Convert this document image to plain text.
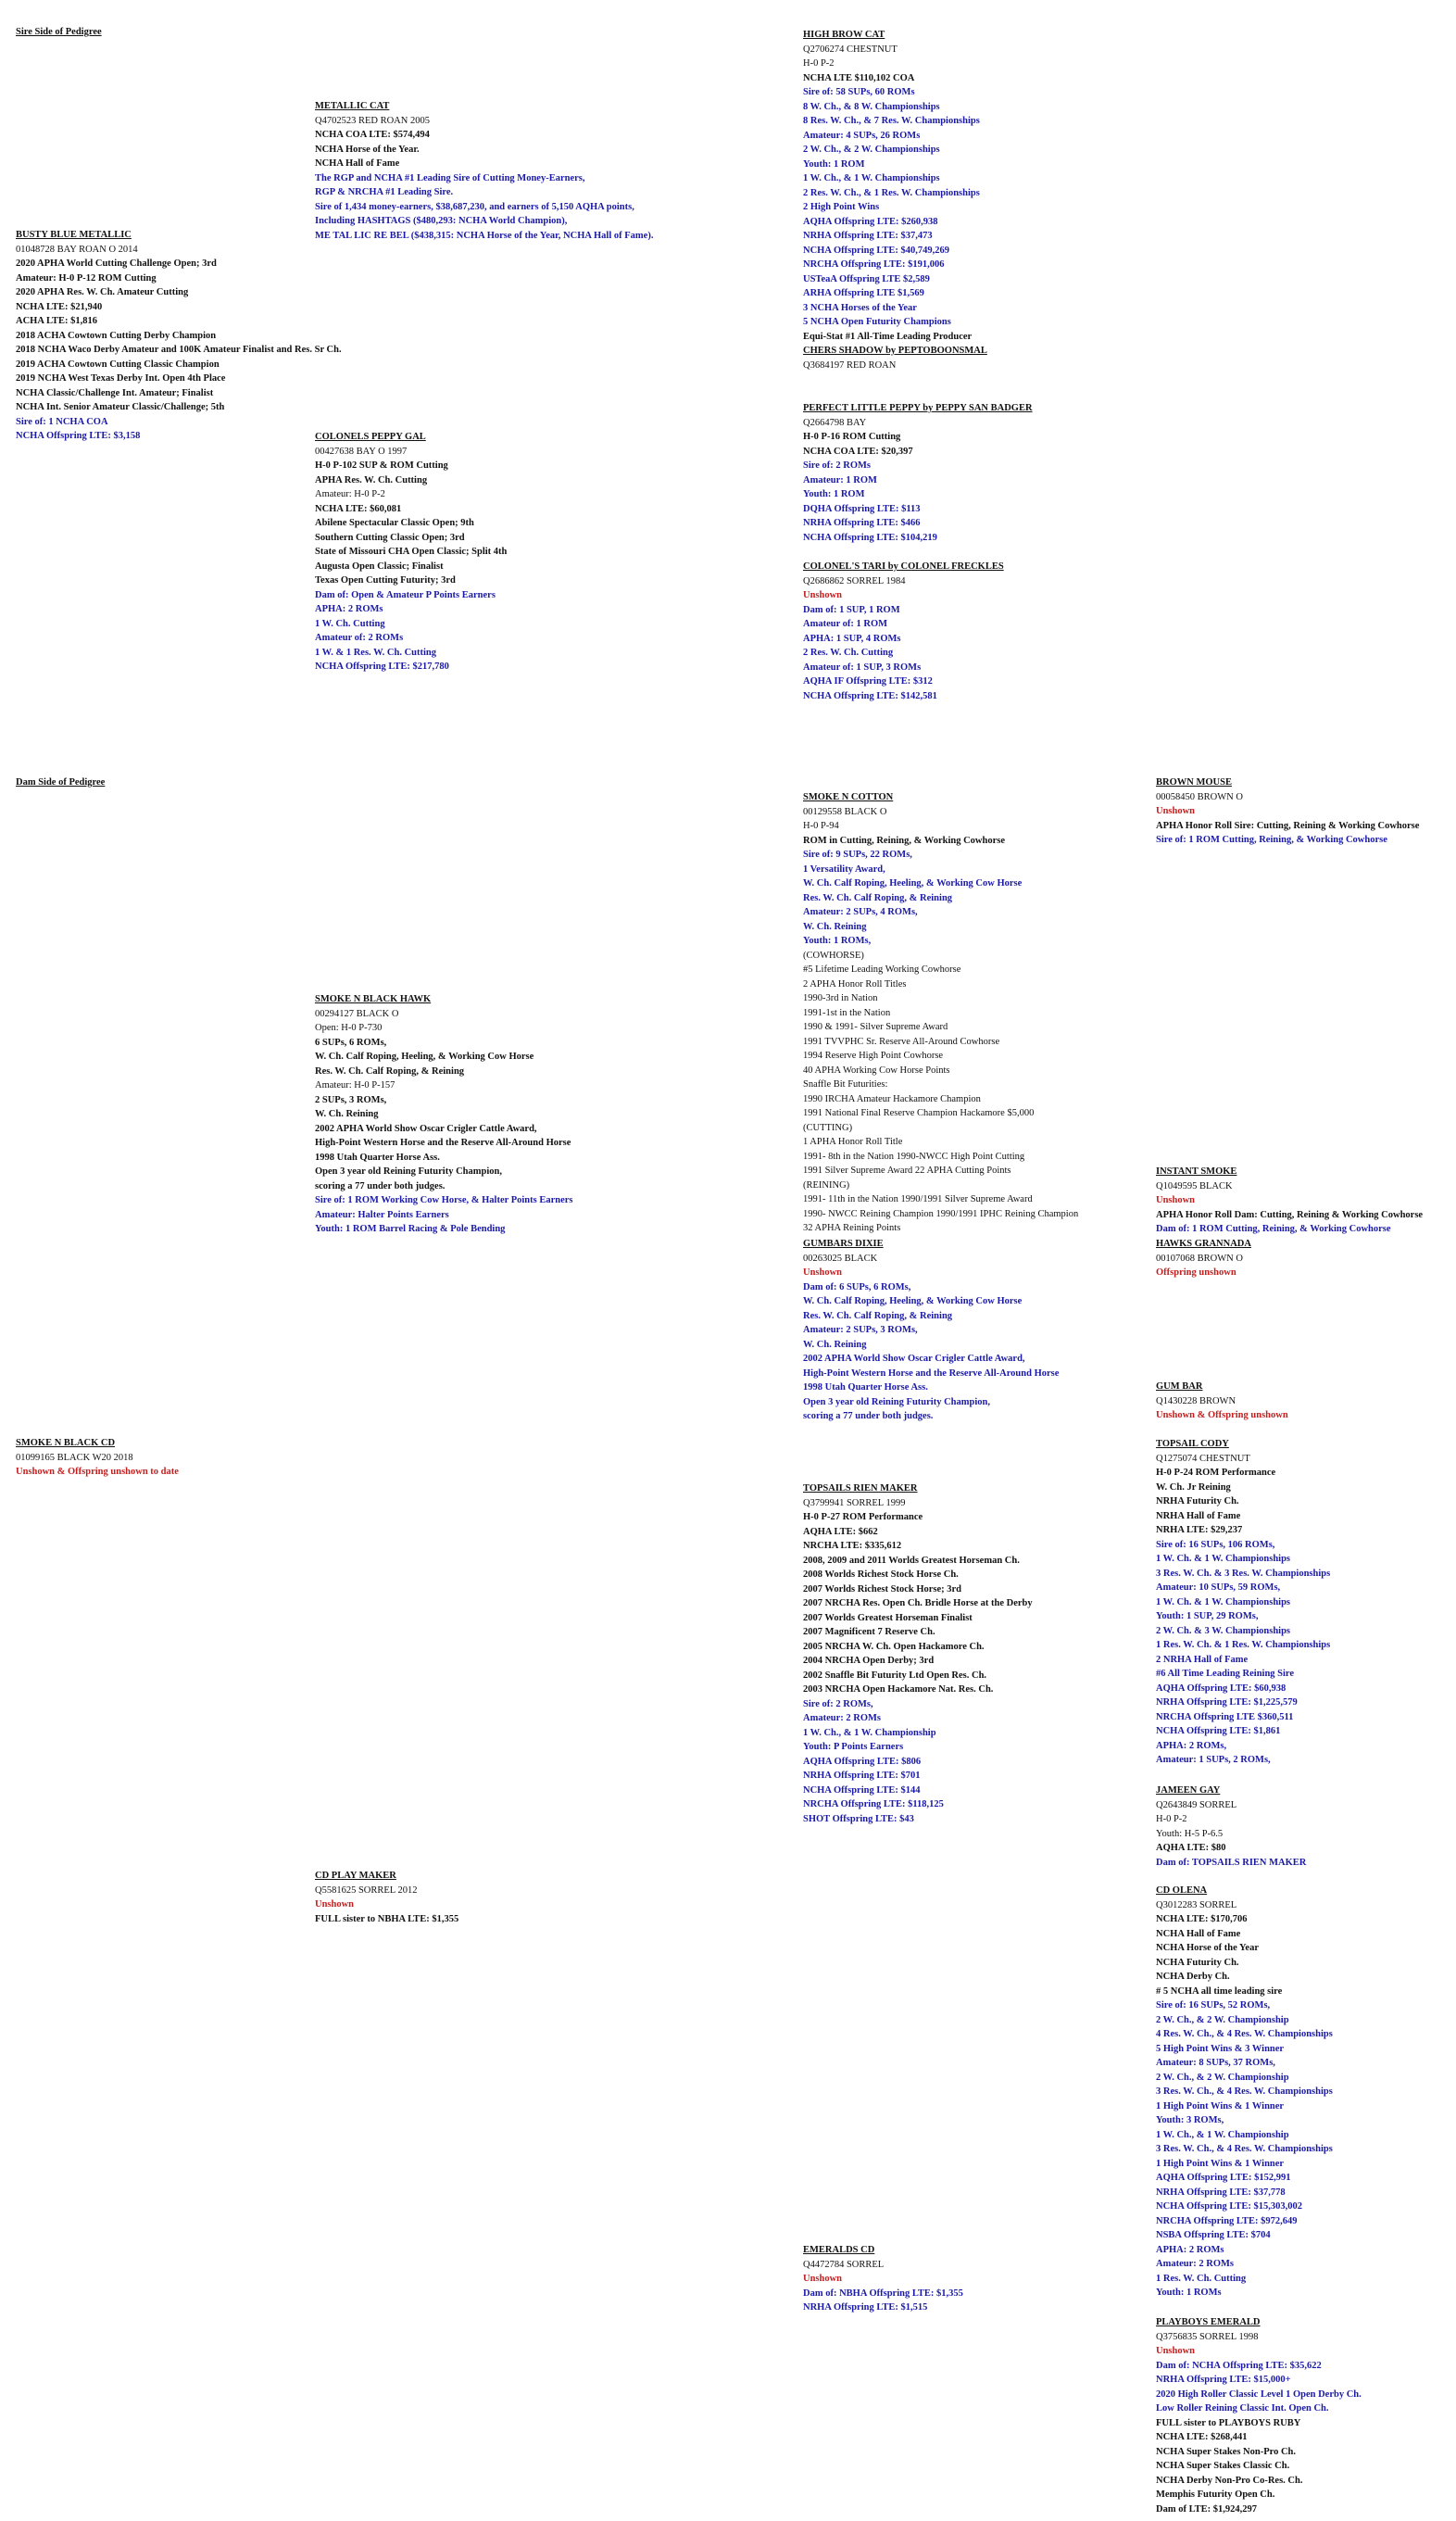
Sire Side of Pedigree
Dam Side of Pedigree
BUSTY BLUE METALLIC
01048728 BAY ROAN O 2014
2020 APHA World Cutting Challenge Open; 3rd
Amateur: H-0 P-12 ROM Cutting
2020 APHA Res. W. Ch. Amateur Cutting
NCHA LTE: $21,940
ACHA LTE: $1,816
2018 ACHA Cowtown Cutting Derby Champion
2018 NCHA Waco Derby Amateur and 100K Amateur Finalist and Res. Sr Ch.
2019 ACHA Cowtown Cutting Classic Champion
2019 NCHA West Texas Derby Int. Open 4th Place
NCHA Classic/Challenge Int. Amateur; Finalist
NCHA Int. Senior Amateur Classic/Challenge; 5th
Sire of: 1 NCHA COA
NCHA Offspring LTE: $3,158
METALLIC CAT
Q4702523 RED ROAN 2005
NCHA COA LTE: $574,494
NCHA Horse of the Year.
NCHA Hall of Fame
The RGP and NCHA #1 Leading Sire of Cutting Money-Earners,
RGP & NRCHA #1 Leading Sire.
Sire of 1,434 money-earners, $38,687,230, and earners of 5,150 AQHA points,
Including HASHTAGS ($480,293: NCHA World Champion),
ME TAL LIC RE BEL ($438,315: NCHA Horse of the Year, NCHA Hall of Fame).
COLONELS PEPPY GAL
00427638 BAY O 1997
H-0 P-102 SUP & ROM Cutting
APHA Res. W. Ch. Cutting
Amateur: H-0 P-2
NCHA LTE: $60,081
Abilene Spectacular Classic Open; 9th
Southern Cutting Classic Open; 3rd
State of Missouri CHA Open Classic; Split 4th
Augusta Open Classic; Finalist
Texas Open Cutting Futurity; 3rd
Dam of: Open & Amateur P Points Earners
APHA: 2 ROMs
1 W. Ch. Cutting
Amateur of: 2 ROMs
1 W. & 1 Res. W. Ch. Cutting
NCHA Offspring LTE: $217,780
HIGH BROW CAT
Q2706274 CHESTNUT
H-0 P-2
NCHA LTE $110,102 COA
Sire of: 58 SUPs, 60 ROMs
8 W. Ch., & 8 W. Championships
8 Res. W. Ch., & 7 Res. W. Championships
Amateur: 4 SUPs, 26 ROMs
2 W. Ch., & 2 W. Championships
Youth: 1 ROM
1 W. Ch., & 1 W. Championships
2 Res. W. Ch., & 1 Res. W. Championships
2 High Point Wins
AQHA Offspring LTE: $260,938
NRHA Offspring LTE: $37,473
NCHA Offspring LTE: $40,749,269
NRCHA Offspring LTE: $191,006
USTeaA Offspring LTE $2,589
ARHA Offspring LTE $1,569
3 NCHA Horses of the Year
5 NCHA Open Futurity Champions
Equi-Stat #1 All-Time Leading Producer
CHERS SHADOW by PEPTOBOONSMAL
Q3684197 RED ROAN
PERFECT LITTLE PEPPY by PEPPY SAN BADGER
Q2664798 BAY
H-0 P-16 ROM Cutting
NCHA COA LTE: $20,397
Sire of: 2 ROMs
Amateur: 1 ROM
Youth: 1 ROM
DQHA Offspring LTE: $113
NRHA Offspring LTE: $466
NCHA Offspring LTE: $104,219
COLONEL'S TARI by COLONEL FRECKLES
Q2686862 SORREL 1984
Unshown
Dam of: 1 SUP, 1 ROM
Amateur of: 1 ROM
APHA: 1 SUP, 4 ROMs
2 Res. W. Ch. Cutting
Amateur of: 1 SUP, 3 ROMs
AQHA IF Offspring LTE: $312
NCHA Offspring LTE: $142,581
SMOKE N COTTON
00129558 BLACK O
H-0 P-94
ROM in Cutting, Reining, & Working Cowhorse
Sire of: 9 SUPs, 22 ROMs,
1 Versatility Award,
W. Ch. Calf Roping, Heeling, & Working Cow Horse
Res. W. Ch. Calf Roping, & Reining
Amateur: 2 SUPs, 4 ROMs,
W. Ch. Reining
Youth: 1 ROMs,
(COWHORSE)
#5 Lifetime Leading Working Cowhorse
2 APHA Honor Roll Titles
1990-3rd in Nation
1991-1st in the Nation
1990 & 1991- Silver Supreme Award
1991 TVVPHC Sr. Reserve All-Around Cowhorse
1994 Reserve High Point Cowhorse
40 APHA Working Cow Horse Points
Snaffle Bit Futurities:
1990 IRCHA Amateur Hackamore Champion
1991 National Final Reserve Champion Hackamore $5,000
(CUTTING)
1 APHA Honor Roll Title
1991- 8th in the Nation 1990-NWCC High Point Cutting
1991 Silver Supreme Award 22 APHA Cutting Points
(REINING)
1991- 11th in the Nation 1990/1991 Silver Supreme Award
1990- NWCC Reining Champion 1990/1991 IPHC Reining Champion
32 APHA Reining Points
GUMBARS DIXIE
00263025 BLACK
Unshown
Dam of: 6 SUPs, 6 ROMs,
W. Ch. Calf Roping, Heeling, & Working Cow Horse
Res. W. Ch. Calf Roping, & Reining
Amateur: 2 SUPs, 3 ROMs,
W. Ch. Reining
2002 APHA World Show Oscar Crigler Cattle Award,
High-Point Western Horse and the Reserve All-Around Horse
1998 Utah Quarter Horse Ass.
Open 3 year old Reining Futurity Champion,
scoring a 77 under both judges.
BROWN MOUSE
00058450 BROWN O
Unshown
APHA Honor Roll Sire: Cutting, Reining & Working Cowhorse
Sire of: 1 ROM Cutting, Reining, & Working Cowhorse
INSTANT SMOKE
Q1049595 BLACK
Unshown
APHA Honor Roll Dam: Cutting, Reining & Working Cowhorse
Dam of: 1 ROM Cutting, Reining, & Working Cowhorse
HAWKS GRANNADA
00107068 BROWN O
Offspring unshown
SMOKE N BLACK HAWK
00294127 BLACK O
Open: H-0 P-730
6 SUPs, 6 ROMs,
W. Ch. Calf Roping, Heeling, & Working Cow Horse
Res. W. Ch. Calf Roping, & Reining
Amateur: H-0 P-157
2 SUPs, 3 ROMs,
W. Ch. Reining
2002 APHA World Show Oscar Crigler Cattle Award,
High-Point Western Horse and the Reserve All-Around Horse
1998 Utah Quarter Horse Ass.
Open 3 year old Reining Futurity Champion,
scoring a 77 under both judges.
Sire of: 1 ROM Working Cow Horse, & Halter Points Earners
Amateur: Halter Points Earners
Youth: 1 ROM Barrel Racing & Pole Bending
SMOKE N BLACK CD
01099165 BLACK W20 2018
Unshown & Offspring unshown to date
GUM BAR
Q1430228 BROWN
Unshown & Offspring unshown
TOPSAIL CODY
Q1275074 CHESTNUT
H-0 P-24 ROM Performance
W. Ch. Jr Reining
NRHA Futurity Ch.
NRHA Hall of Fame
NRHA LTE: $29,237
Sire of: 16 SUPs, 106 ROMs,
1 W. Ch. & 1 W. Championships
3 Res. W. Ch. & 3 Res. W. Championships
Amateur: 10 SUPs, 59 ROMs,
1 W. Ch. & 1 W. Championships
Youth: 1 SUP, 29 ROMs,
2 W. Ch. & 3 W. Championships
1 Res. W. Ch. & 1 Res. W. Championships
2 NRHA Hall of Fame
#6 All Time Leading Reining Sire
AQHA Offspring LTE: $60,938
NRHA Offspring LTE: $1,225,579
NRCHA Offspring LTE $360,511
NCHA Offspring LTE: $1,861
APHA: 2 ROMs,
Amateur: 1 SUPs, 2 ROMs,
JAMEEN GAY
Q2643849 SORREL
H-0 P-2
Youth: H-5 P-6.5
AQHA LTE: $80
Dam of: TOPSAILS RIEN MAKER
TOPSAILS RIEN MAKER
Q3799941 SORREL 1999
H-0 P-27 ROM Performance
AQHA LTE: $662
NRCHA LTE: $335,612
2008, 2009 and 2011 Worlds Greatest Horseman Ch.
2008 Worlds Richest Stock Horse Ch.
2007 Worlds Richest Stock Horse; 3rd
2007 NRCHA Res. Open Ch. Bridle Horse at the Derby
2007 Worlds Greatest Horseman Finalist
2007 Magnificent 7 Reserve Ch.
2005 NRCHA W. Ch. Open Hackamore Ch.
2004 NRCHA Open Derby; 3rd
2002 Snaffle Bit Futurity Ltd Open Res. Ch.
2003 NRCHA Open Hackamore Nat. Res. Ch.
Sire of: 2 ROMs,
Amateur: 2 ROMs
1 W. Ch., & 1 W. Championship
Youth: P Points Earners
AQHA Offspring LTE: $806
NRHA Offspring LTE: $701
NCHA Offspring LTE: $144
NRCHA Offspring LTE: $118,125
SHOT Offspring LTE: $43
CD PLAY MAKER
Q5581625 SORREL 2012
Unshown
FULL sister to NBHA LTE: $1,355
CD OLENA
Q3012283 SORREL
NCHA LTE: $170,706
NCHA Hall of Fame
NCHA Horse of the Year
NCHA Futurity Ch.
NCHA Derby Ch.
# 5 NCHA all time leading sire
Sire of: 16 SUPs, 52 ROMs,
2 W. Ch., & 2 W. Championship
4 Res. W. Ch., & 4 Res. W. Championships
5 High Point Wins & 3 Winner
Amateur: 8 SUPs, 37 ROMs,
2 W. Ch., & 2 W. Championship
3 Res. W. Ch., & 4 Res. W. Championships
1 High Point Wins & 1 Winner
Youth: 3 ROMs,
1 W. Ch., & 1 W. Championship
3 Res. W. Ch., & 4 Res. W. Championships
1 High Point Wins & 1 Winner
AQHA Offspring LTE: $152,991
NRHA Offspring LTE: $37,778
NCHA Offspring LTE: $15,303,002
NRCHA Offspring LTE: $972,649
NSBA Offspring LTE: $704
APHA: 2 ROMs
Amateur: 2 ROMs
1 Res. W. Ch. Cutting
Youth: 1 ROMs
EMERALDS CD
Q4472784 SORREL
Unshown
Dam of: NBHA Offspring LTE: $1,355
NRHA Offspring LTE: $1,515
PLAYBOYS EMERALD
Q3756835 SORREL 1998
Unshown
Dam of: NCHA Offspring LTE: $35,622
NRHA Offspring LTE: $15,000+
2020 High Roller Classic Level 1 Open Derby Ch.
Low Roller Reining Classic Int. Open Ch.
FULL sister to PLAYBOYS RUBY
NCHA LTE: $268,441
NCHA Super Stakes Non-Pro Ch.
NCHA Super Stakes Classic Ch.
NCHA Derby Non-Pro Co-Res. Ch.
Memphis Futurity Open Ch.
Dam of LTE: $1,924,297
